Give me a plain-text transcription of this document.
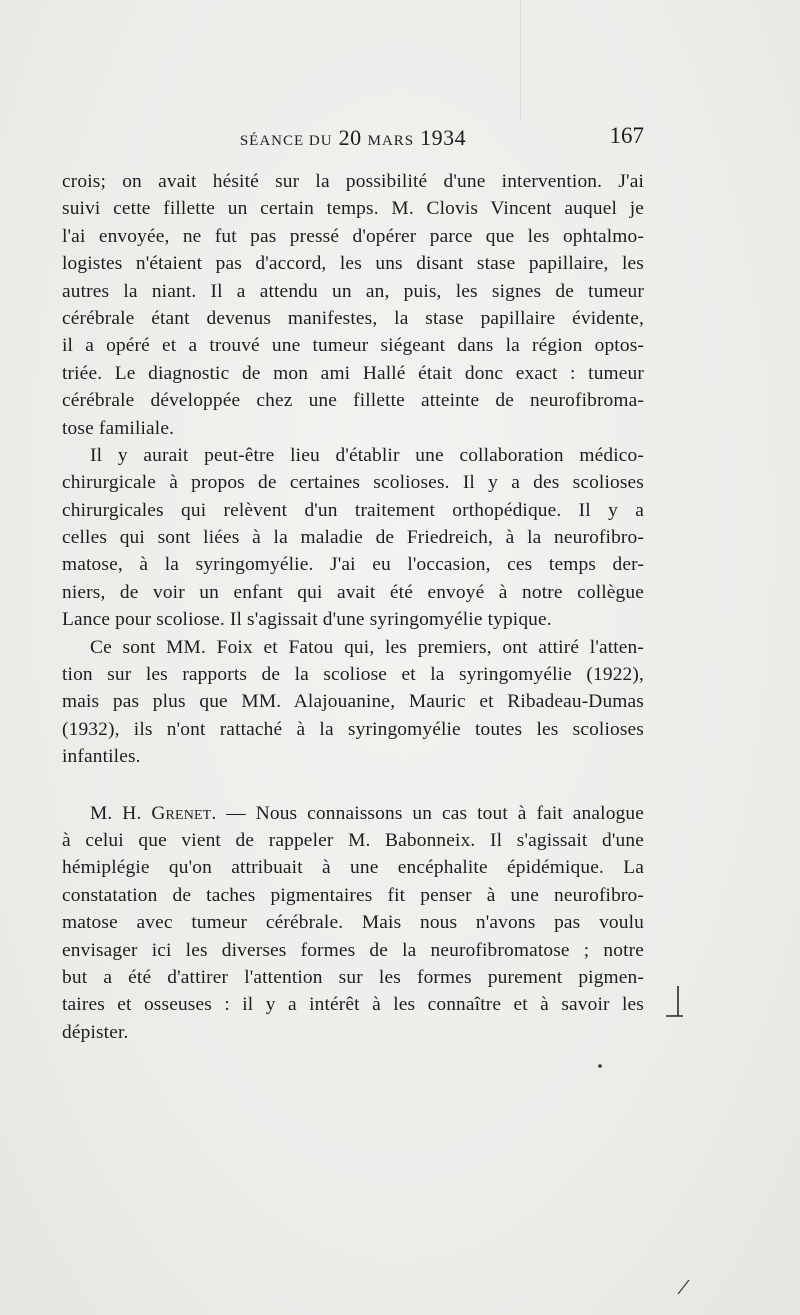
SÉANCE DU 20 MARS 1934	167
crois; on avait hésité sur la possibilité d'une intervention. J'ai
suivi cette fillette un certain temps. M. Clovis Vincent auquel je
l'ai envoyée, ne fut pas pressé d'opérer parce que les ophtalmo-
logistes n'étaient pas d'accord, les uns disant stase papillaire, les
autres la niant. Il a attendu un an, puis, les signes de tumeur
cérébrale étant devenus manifestes, la stase papillaire évidente,
il a opéré et a trouvé une tumeur siégeant dans la région optos-
triée. Le diagnostic de mon ami Hallé était donc exact : tumeur
cérébrale développée chez une fillette atteinte de neurofibroma-
tose familiale.
Il y aurait peut-être lieu d'établir une collaboration médico-
chirurgicale à propos de certaines scolioses. Il y a des scolioses
chirurgicales qui relèvent d'un traitement orthopédique. Il y a
celles qui sont liées à la maladie de Friedreich, à la neurofibro-
matose, à la syringomyélie. J'ai eu l'occasion, ces temps der-
niers, de voir un enfant qui avait été envoyé à notre collègue
Lance pour scoliose. Il s'agissait d'une syringomyélie typique.
Ce sont MM. Foix et Fatou qui, les premiers, ont attiré l'atten-
tion sur les rapports de la scoliose et la syringomyélie (1922),
mais pas plus que MM. Alajouanine, Mauric et Ribadeau-Dumas
(1932), ils n'ont rattaché à la syringomyélie toutes les scolioses
infantiles.
M. H. Grenet. — Nous connaissons un cas tout à fait analogue
à celui que vient de rappeler M. Babonneix. Il s'agissait d'une
hémiplégie qu'on attribuait à une encéphalite épidémique. La
constatation de taches pigmentaires fit penser à une neurofibro-
matose avec tumeur cérébrale. Mais nous n'avons pas voulu
envisager ici les diverses formes de la neurofibromatose ; notre
but a été d'attirer l'attention sur les formes purement pigmen-
taires et osseuses : il y a intérêt à les connaître et à savoir les
dépister.
